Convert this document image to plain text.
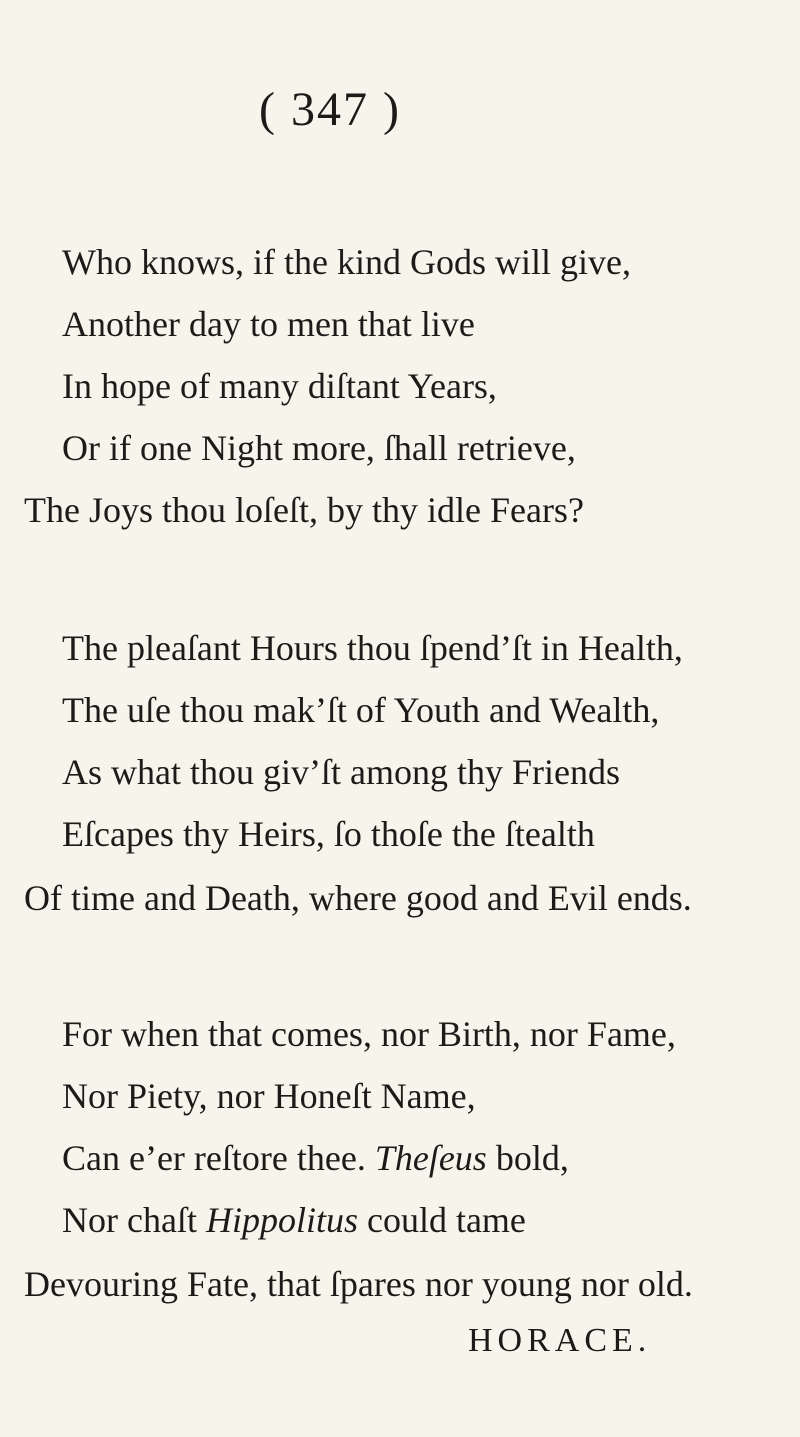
( 347 )
Who knows, if the kind Gods will give,
Another day to men that live
In hope of many diſtant Years,
Or if one Night more, ſhall retrieve,
The Joys thou loſeſt, by thy idle Fears?
The pleaſant Hours thou ſpend’ſt in Health,
The uſe thou mak’ſt of Youth and Wealth,
As what thou giv’ſt among thy Friends
Eſcapes thy Heirs, ſo thoſe the ſtealth
Of time and Death, where good and Evil ends.
For when that comes, nor Birth, nor Fame,
Nor Piety, nor Honeſt Name,
Can e’er reſtore thee. Theſeus bold,
Nor chaſt Hippolitus could tame
Devouring Fate, that ſpares nor young nor old.
HORACE.
